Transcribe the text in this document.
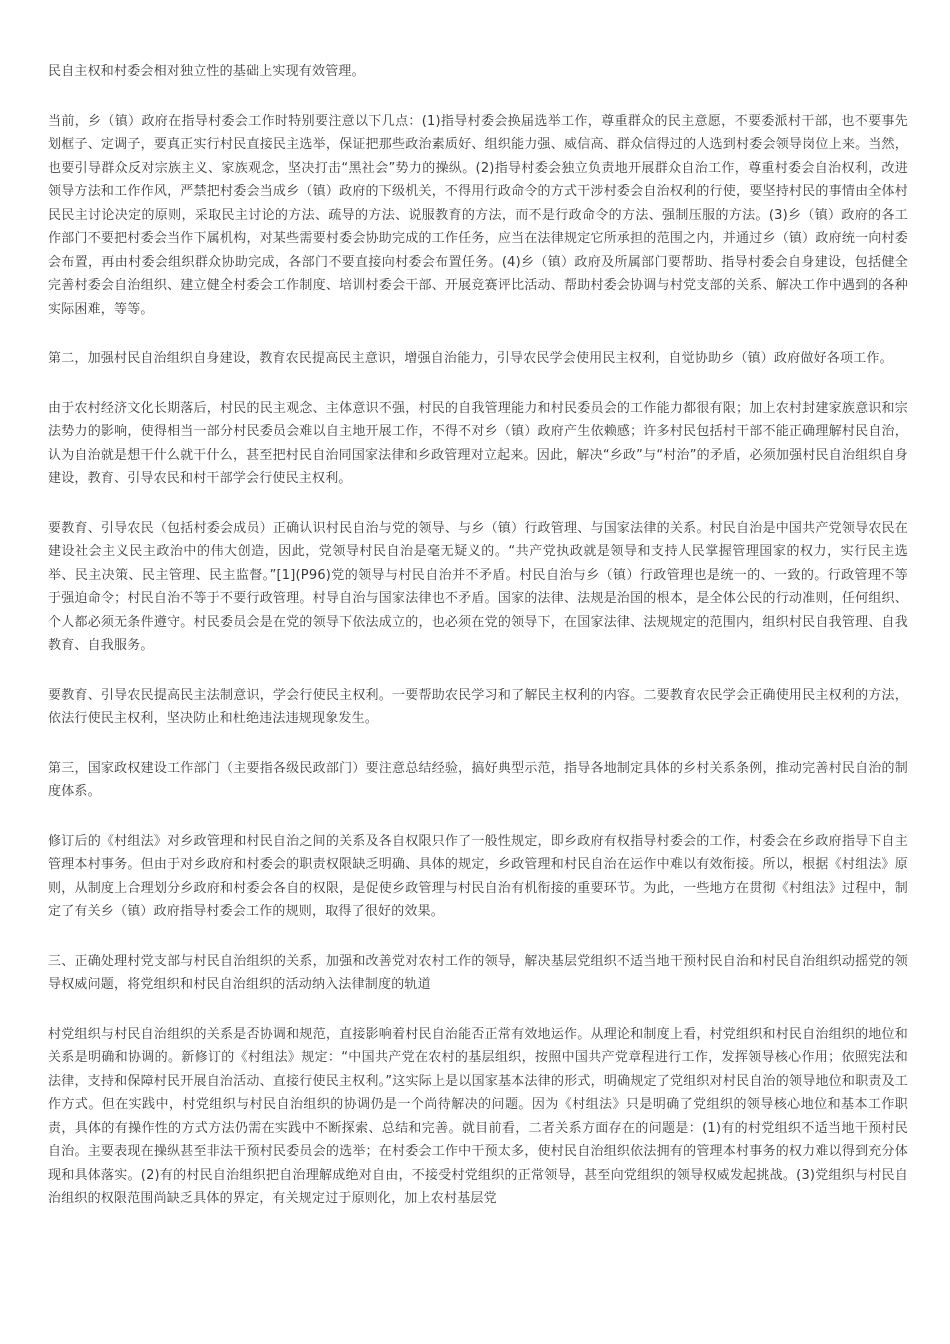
民自主权和村委会相对独立性的基础上实现有效管理。

当前，乡（镇）政府在指导村委会工作时特别要注意以下几点：(1)指导村委会换届选举工作，尊重群众的民主意愿，不要委派村干部，也不要事先划框子、定调子，要真正实行村民直接民主选举，保证把那些政治素质好、组织能力强、威信高、群众信得过的人选到村委会领导岗位上来。当然，也要引导群众反对宗族主义、家族观念，坚决打击“黑社会”势力的操纵。(2)指导村委会独立负责地开展群众自治工作，尊重村委会自治权利，改进领导方法和工作作风，严禁把村委会当成乡（镇）政府的下级机关，不得用行政命令的方式干涉村委会自治权利的行使，要坚持村民的事情由全体村民民主讨论决定的原则，采取民主讨论的方法、疏导的方法、说服教育的方法，而不是行政命令的方法、强制压服的方法。(3)乡（镇）政府的各工作部门不要把村委会当作下属机构，对某些需要村委会协助完成的工作任务，应当在法律规定它所承担的范围之内，并通过乡（镇）政府统一向村委会布置，再由村委会组织群众协助完成，各部门不要直接向村委会布置任务。(4)乡（镇）政府及所属部门要帮助、指导村委会自身建设，包括健全完善村委会自治组织、建立健全村委会工作制度、培训村委会干部、开展竞赛评比活动、帮助村委会协调与村党支部的关系、解决工作中遇到的各种实际困难，等等。

第二，加强村民自治组织自身建设，教育农民提高民主意识，增强自治能力，引导农民学会使用民主权利，自觉协助乡（镇）政府做好各项工作。

由于农村经济文化长期落后，村民的民主观念、主体意识不强，村民的自我管理能力和村民委员会的工作能力都很有限；加上农村封建家族意识和宗法势力的影响，使得相当一部分村民委员会难以自主地开展工作，不得不对乡（镇）政府产生依赖感；许多村民包括村干部不能正确理解村民自治，认为自治就是想干什么就干什么，甚至把村民自治同国家法律和乡政管理对立起来。因此，解决“乡政”与“村治”的矛盾，必须加强村民自治组织自身建设，教育、引导农民和村干部学会行使民主权利。

要教育、引导农民（包括村委会成员）正确认识村民自治与党的领导、与乡（镇）行政管理、与国家法律的关系。村民自治是中国共产党领导农民在建设社会主义民主政治中的伟大创造，因此，党领导村民自治是毫无疑义的。“共产党执政就是领导和支持人民掌握管理国家的权力，实行民主选举、民主决策、民主管理、民主监督。”[1](P96)党的领导与村民自治并不矛盾。村民自治与乡（镇）行政管理也是统一的、一致的。行政管理不等于强迫命令；村民自治不等于不要行政管理。村导自治与国家法律也不矛盾。国家的法律、法规是治国的根本，是全体公民的行动准则，任何组织、个人都必须无条件遵守。村民委员会是在党的领导下依法成立的，也必须在党的领导下，在国家法律、法规规定的范围内，组织村民自我管理、自我教育、自我服务。

要教育、引导农民提高民主法制意识，学会行使民主权利。一要帮助农民学习和了解民主权利的内容。二要教育农民学会正确使用民主权利的方法，依法行使民主权利，坚决防止和杜绝违法违规现象发生。

第三，国家政权建设工作部门（主要指各级民政部门）要注意总结经验，搞好典型示范，指导各地制定具体的乡村关系条例，推动完善村民自治的制度体系。

修订后的《村组法》对乡政管理和村民自治之间的关系及各自权限只作了一般性规定，即乡政府有权指导村委会的工作，村委会在乡政府指导下自主管理本村事务。但由于对乡政府和村委会的职责权限缺乏明确、具体的规定，乡政管理和村民自治在运作中难以有效衔接。所以，根据《村组法》原则，从制度上合理划分乡政府和村委会各自的权限，是促使乡政管理与村民自治有机衔接的重要环节。为此，一些地方在贯彻《村组法》过程中，制定了有关乡（镇）政府指导村委会工作的规则，取得了很好的效果。

三、正确处理村党支部与村民自治组织的关系，加强和改善党对农村工作的领导，解决基层党组织不适当地干预村民自治和村民自治组织动摇党的领导权威问题，将党组织和村民自治组织的活动纳入法律制度的轨道

村党组织与村民自治组织的关系是否协调和规范，直接影响着村民自治能否正常有效地运作。从理论和制度上看，村党组织和村民自治组织的地位和关系是明确和协调的。新修订的《村组法》规定：“中国共产党在农村的基层组织，按照中国共产党章程进行工作，发挥领导核心作用；依照宪法和法律，支持和保障村民开展自治活动、直接行使民主权利。”这实际上是以国家基本法律的形式，明确规定了党组织对村民自治的领导地位和职责及工作方式。但在实践中，村党组织与村民自治组织的协调仍是一个尚待解决的问题。因为《村组法》只是明确了党组织的领导核心地位和基本工作职责，具体的有操作性的方式方法仍需在实践中不断探索、总结和完善。就目前看，二者关系方面存在的问题是：(1)有的村党组织不适当地干预村民自治。主要表现在操纵甚至非法干预村民委员会的选举；在村委会工作中干预太多，使村民自治组织依法拥有的管理本村事务的权力难以得到充分体现和具体落实。(2)有的村民自治组织把自治理解成绝对自由，不接受村党组织的正常领导，甚至向党组织的领导权威发起挑战。(3)党组织与村民自治组织的权限范围尚缺乏具体的界定，有关规定过于原则化，加上农村基层党
